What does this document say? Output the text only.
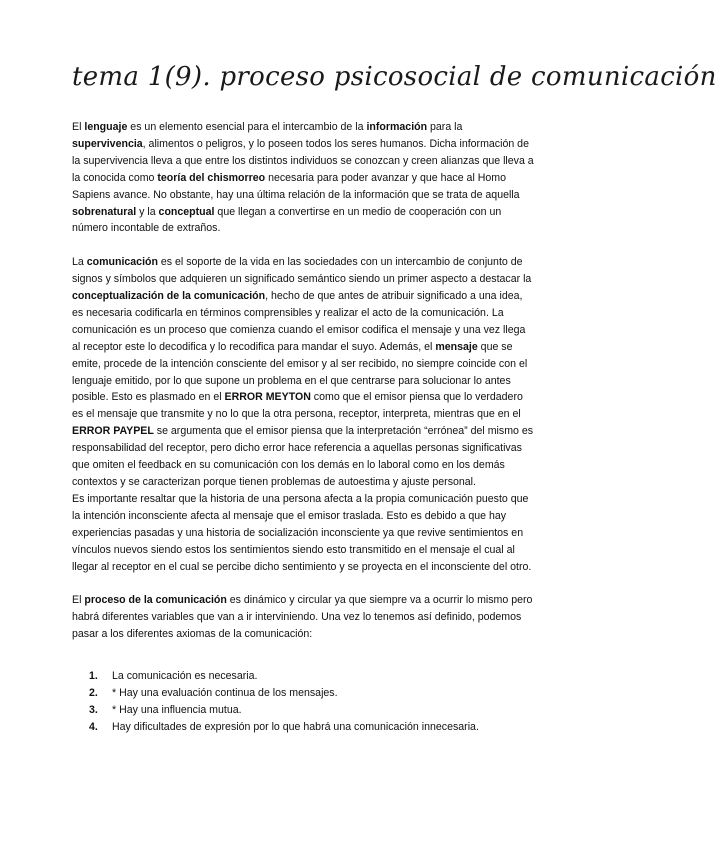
tema 1(9). proceso psicosocial de comunicación

El lenguaje es un elemento esencial para el intercambio de la información para la supervivencia, alimentos o peligros, y lo poseen todos los seres humanos. Dicha información de la supervivencia lleva a que entre los distintos individuos se conozcan y creen alianzas que lleva a la conocida como teoría del chismorreo necesaria para poder avanzar y que hace al Homo Sapiens avance. No obstante, hay una última relación de la información que se trata de aquella sobrenatural y la conceptual que llegan a convertirse en un medio de cooperación con un número incontable de extraños.

La comunicación es el soporte de la vida en las sociedades con un intercambio de conjunto de signos y símbolos que adquieren un significado semántico siendo un primer aspecto a destacar la conceptualización de la comunicación, hecho de que antes de atribuir significado a una idea, es necesaria codificarla en términos comprensibles y realizar el acto de la comunicación. La comunicación es un proceso que comienza cuando el emisor codifica el mensaje y una vez llega al receptor este lo decodifica y lo recodifica para mandar el suyo. Además, el mensaje que se emite, procede de la intención consciente del emisor y al ser recibido, no siempre coincide con el lenguaje emitido, por lo que supone un problema en el que centrarse para solucionar lo antes posible. Esto es plasmado en el ERROR MEYTON como que el emisor piensa que lo verdadero es el mensaje que transmite y no lo que la otra persona, receptor, interpreta, mientras que en el ERROR PAYPEL se argumenta que el emisor piensa que la interpretación “errónea” del mismo es responsabilidad del receptor, pero dicho error hace referencia a aquellas personas significativas que omiten el feedback en su comunicación con los demás en lo laboral como en los demás contextos y se caracterizan porque tienen problemas de autoestima y ajuste personal.

Es importante resaltar que la historia de una persona afecta a la propia comunicación puesto que la intención inconsciente afecta al mensaje que el emisor traslada. Esto es debido a que hay experiencias pasadas y una historia de socialización inconsciente ya que revive sentimientos en vínculos nuevos siendo estos los sentimientos siendo esto transmitido en el mensaje el cual al llegar al receptor en el cual se percibe dicho sentimiento y se proyecta en el inconsciente del otro.

El proceso de la comunicación es dinámico y circular ya que siempre va a ocurrir lo mismo pero habrá diferentes variables que van a ir interviniendo. Una vez lo tenemos así definido, podemos pasar a los diferentes axiomas de la comunicación:

1.	La comunicación es necesaria.
2.	* Hay una evaluación continua de los mensajes.
3.	* Hay una influencia mutua.
4.	Hay dificultades de expresión por lo que habrá una comunicación innecesaria.
